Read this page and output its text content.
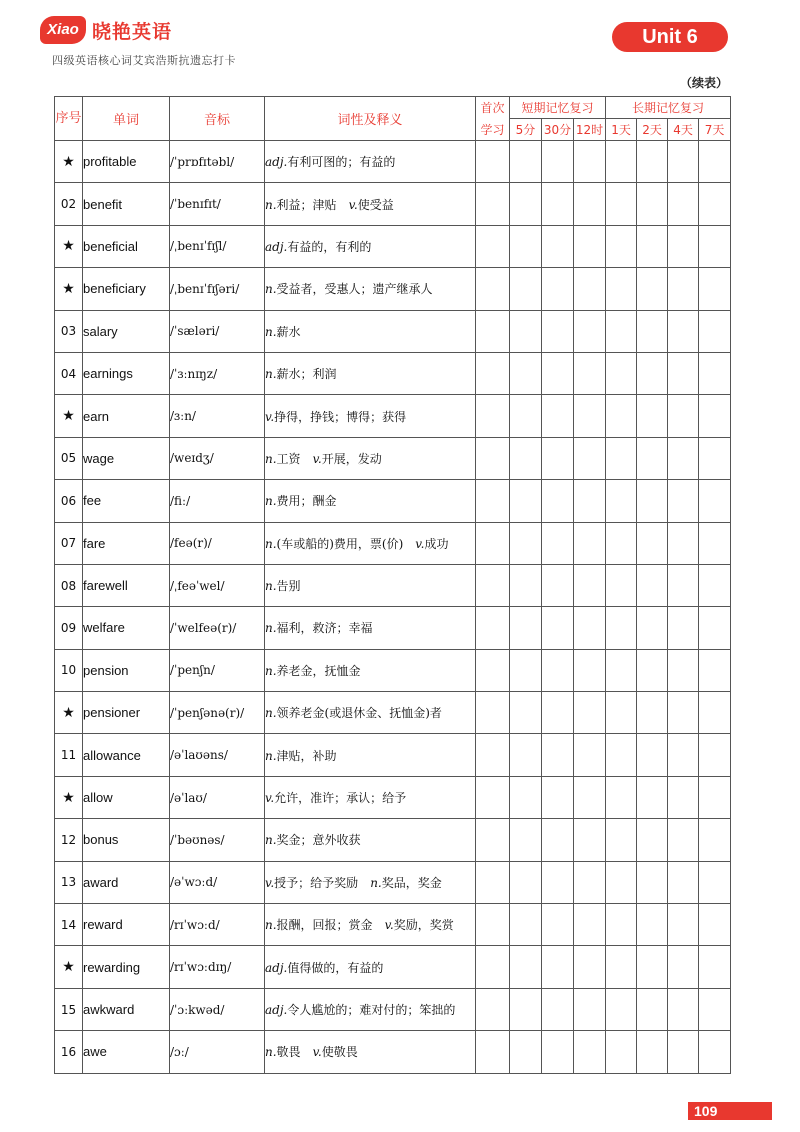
Xiao 晓艳英语
四级英语核心词艾宾浩斯抗遗忘打卡
Unit 6
（续表）
序号	单词	音标	词性及释义	首次	短期记忆复习			长期记忆复习			
				学习	5分	30分	12时	1天	2天	4天	7天
★	profitable	/ˈprɒfɪtəbl/	adj.有利可图的；有益的								
02	benefit	/ˈbenɪfɪt/	n.利益；津贴　v.使受益								
★	beneficial	/ˌbenɪˈfɪʃl/	adj.有益的，有利的								
★	beneficiary	/ˌbenɪˈfɪʃəri/	n.受益者，受惠人；遗产继承人								
03	salary	/ˈsæləri/	n.薪水								
04	earnings	/ˈɜːnɪŋz/	n.薪水；利润								
★	earn	/ɜːn/	v.挣得，挣钱；博得；获得								
05	wage	/weɪdʒ/	n.工资　v.开展，发动								
06	fee	/fiː/	n.费用；酬金								
07	fare	/feə(r)/	n.(车或船的)费用，票(价)　v.成功								
08	farewell	/ˌfeəˈwel/	n.告别								
09	welfare	/ˈwelfeə(r)/	n.福利，救济；幸福								
10	pension	/ˈpenʃn/	n.养老金，抚恤金								
★	pensioner	/ˈpenʃənə(r)/	n.领养老金(或退休金、抚恤金)者								
11	allowance	/əˈlaʊəns/	n.津贴，补助								
★	allow	/əˈlaʊ/	v.允许，准许；承认；给予								
12	bonus	/ˈbəʊnəs/	n.奖金；意外收获								
13	award	/əˈwɔːd/	v.授予；给予奖励　n.奖品，奖金								
14	reward	/rɪˈwɔːd/	n.报酬，回报；赏金　v.奖励，奖赏								
★	rewarding	/rɪˈwɔːdɪŋ/	adj.值得做的，有益的								
15	awkward	/ˈɔːkwəd/	adj.令人尴尬的；难对付的；笨拙的								
16	awe	/ɔː/	n.敬畏　v.使敬畏								
109
